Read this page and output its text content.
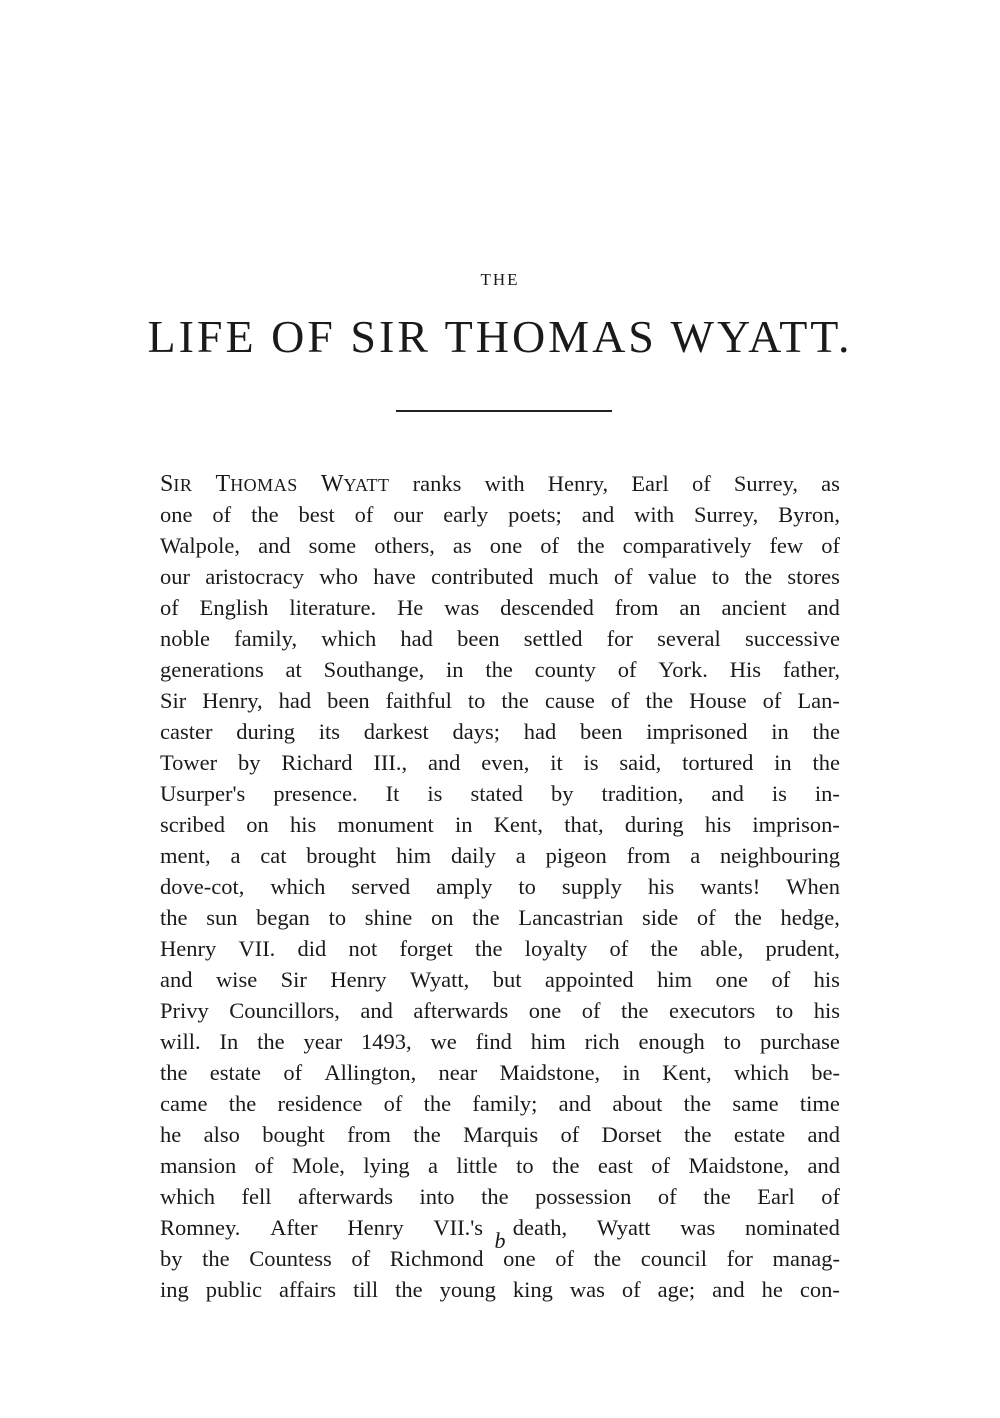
THE
LIFE OF SIR THOMAS WYATT.
SIR THOMAS WYATT ranks with Henry, Earl of Surrey, as
one of the best of our early poets; and with Surrey, Byron,
Walpole, and some others, as one of the comparatively few of
our aristocracy who have contributed much of value to the stores
of English literature. He was descended from an ancient and
noble family, which had been settled for several successive
generations at Southange, in the county of York. His father,
Sir Henry, had been faithful to the cause of the House of Lan-
caster during its darkest days; had been imprisoned in the
Tower by Richard III., and even, it is said, tortured in the
Usurper's presence. It is stated by tradition, and is in-
scribed on his monument in Kent, that, during his imprison-
ment, a cat brought him daily a pigeon from a neighbouring
dove-cot, which served amply to supply his wants! When
the sun began to shine on the Lancastrian side of the hedge,
Henry VII. did not forget the loyalty of the able, prudent,
and wise Sir Henry Wyatt, but appointed him one of his
Privy Councillors, and afterwards one of the executors to his
will. In the year 1493, we find him rich enough to purchase
the estate of Allington, near Maidstone, in Kent, which be-
came the residence of the family; and about the same time
he also bought from the Marquis of Dorset the estate and
mansion of Mole, lying a little to the east of Maidstone, and
which fell afterwards into the possession of the Earl of
Romney. After Henry VII.'s death, Wyatt was nominated
by the Countess of Richmond one of the council for manag-
ing public affairs till the young king was of age; and he con-
b
